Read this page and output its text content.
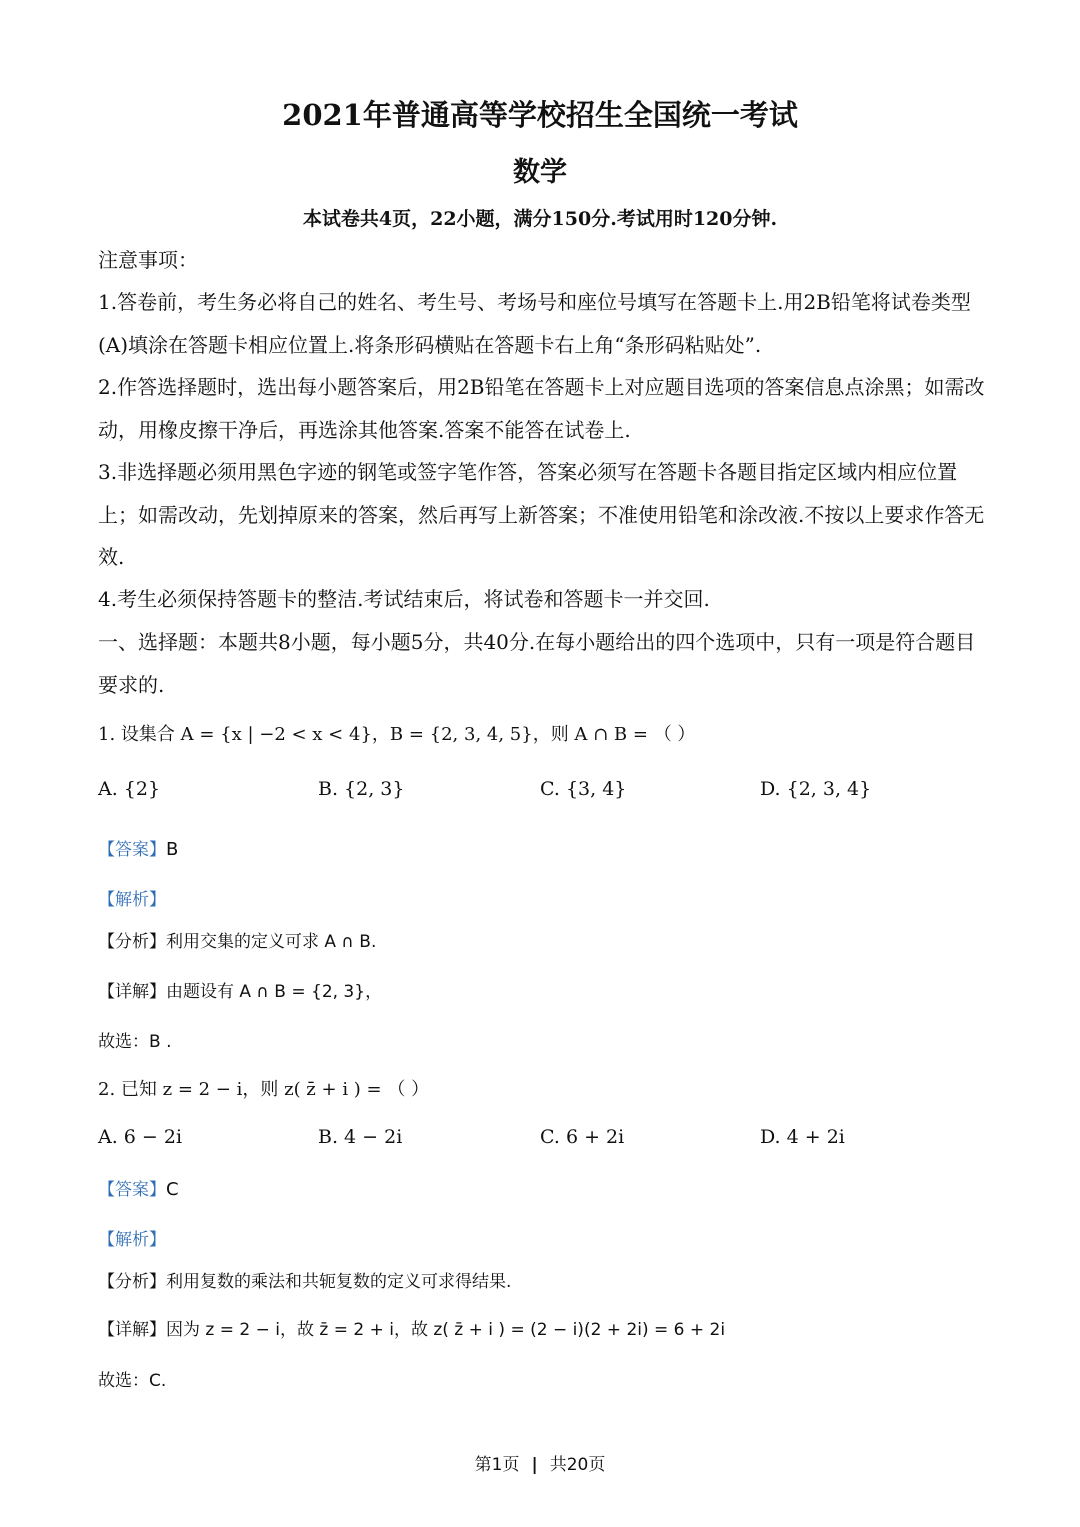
2021年普通高等学校招生全国统一考试
数学
本试卷共4页，22小题，满分150分.考试用时120分钟.
注意事项：
1.答卷前，考生务必将自己的姓名、考生号、考场号和座位号填写在答题卡上.用2B铅笔将试卷类型(A)填涂在答题卡相应位置上.将条形码横贴在答题卡右上角“条形码粘贴处”.
2.作答选择题时，选出每小题答案后，用2B铅笔在答题卡上对应题目选项的答案信息点涂黑；如需改动，用橡皮擦干净后，再选涂其他答案.答案不能答在试卷上.
3.非选择题必须用黑色字迹的钢笔或签字笔作答，答案必须写在答题卡各题目指定区域内相应位置上；如需改动，先划掉原来的答案，然后再写上新答案；不准使用铅笔和涂改液.不按以上要求作答无效.
4.考生必须保持答题卡的整洁.考试结束后，将试卷和答题卡一并交回.
一、选择题：本题共8小题，每小题5分，共40分.在每小题给出的四个选项中，只有一项是符合题目要求的.
1. 设集合 A = {x | −2 < x < 4}，B = {2, 3, 4, 5}，则 A ∩ B = （ ）
A. {2}	B. {2, 3}	C. {3, 4}	D. {2, 3, 4}
【答案】B
【解析】
【分析】利用交集的定义可求 A ∩ B.
【详解】由题设有 A ∩ B = {2, 3}，
故选：B .
2. 已知 z = 2 − i，则 z( z̄ + i ) = （ ）
A. 6 − 2i	B. 4 − 2i	C. 6 + 2i	D. 4 + 2i
【答案】C
【解析】
【分析】利用复数的乘法和共轭复数的定义可求得结果.
【详解】因为 z = 2 − i，故 z̄ = 2 + i，故 z( z̄ + i ) = (2 − i)(2 + 2i) = 6 + 2i
故选：C.
第1页 | 共20页
